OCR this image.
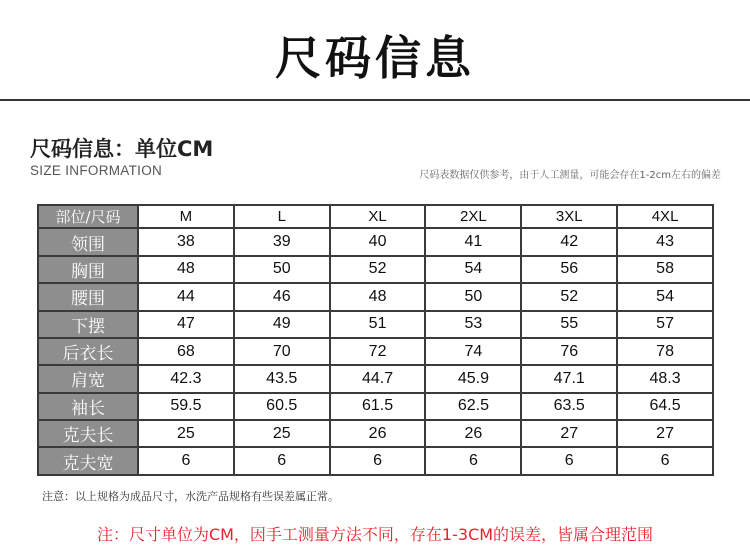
尺码信息
尺码信息：单位CM
SIZE INFORMATION	尺码表数据仅供参考，由于人工测量，可能会存在1-2cm左右的偏差
部位/尺码	M	L	XL	2XL	3XL	4XL
领围	38	39	40	41	42	43
胸围	48	50	52	54	56	58
腰围	44	46	48	50	52	54
下摆	47	49	51	53	55	57
后衣长	68	70	72	74	76	78
肩宽	42.3	43.5	44.7	45.9	47.1	48.3
袖长	59.5	60.5	61.5	62.5	63.5	64.5
克夫长	25	25	26	26	27	27
克夫宽	6	6	6	6	6	6
注意：以上规格为成品尺寸，水洗产品规格有些误差属正常。
注：尺寸单位为CM，因手工测量方法不同，存在1-3CM的误差，皆属合理范围
